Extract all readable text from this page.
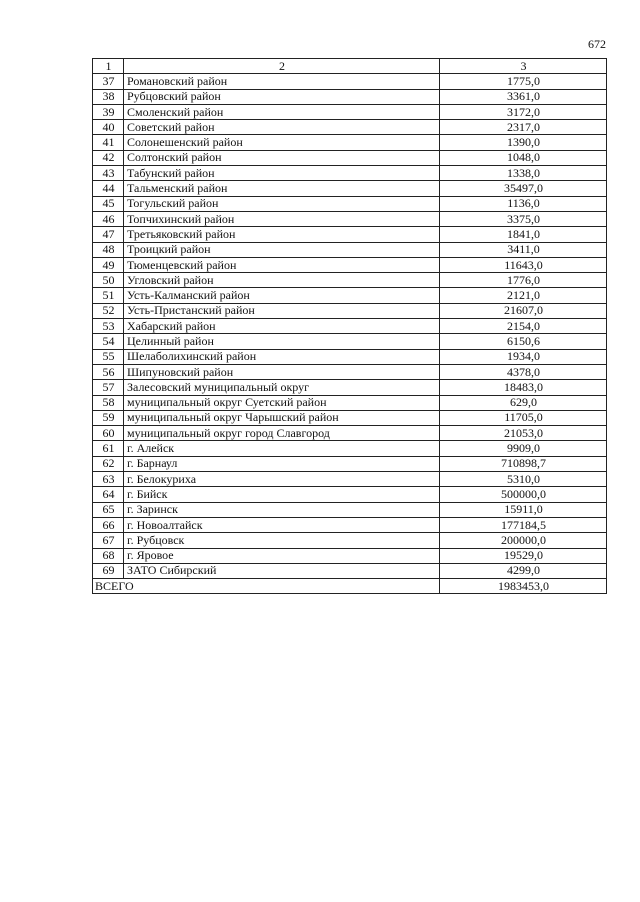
672
1	2	3
37	Романовский район	1775,0
38	Рубцовский район	3361,0
39	Смоленский район	3172,0
40	Советский район	2317,0
41	Солонешенский район	1390,0
42	Солтонский район	1048,0
43	Табунский район	1338,0
44	Тальменский район	35497,0
45	Тогульский район	1136,0
46	Топчихинский район	3375,0
47	Третьяковский район	1841,0
48	Троицкий район	3411,0
49	Тюменцевский район	11643,0
50	Угловский район	1776,0
51	Усть-Калманский район	2121,0
52	Усть-Пристанский район	21607,0
53	Хабарский район	2154,0
54	Целинный район	6150,6
55	Шелаболихинский район	1934,0
56	Шипуновский район	4378,0
57	Залесовский муниципальный округ	18483,0
58	муниципальный округ Суетский район	629,0
59	муниципальный округ Чарышский район	11705,0
60	муниципальный округ город Славгород	21053,0
61	г. Алейск	9909,0
62	г. Барнаул	710898,7
63	г. Белокуриха	5310,0
64	г. Бийск	500000,0
65	г. Заринск	15911,0
66	г. Новоалтайск	177184,5
67	г. Рубцовск	200000,0
68	г. Яровое	19529,0
69	ЗАТО Сибирский	4299,0
ВСЕГО		1983453,0
